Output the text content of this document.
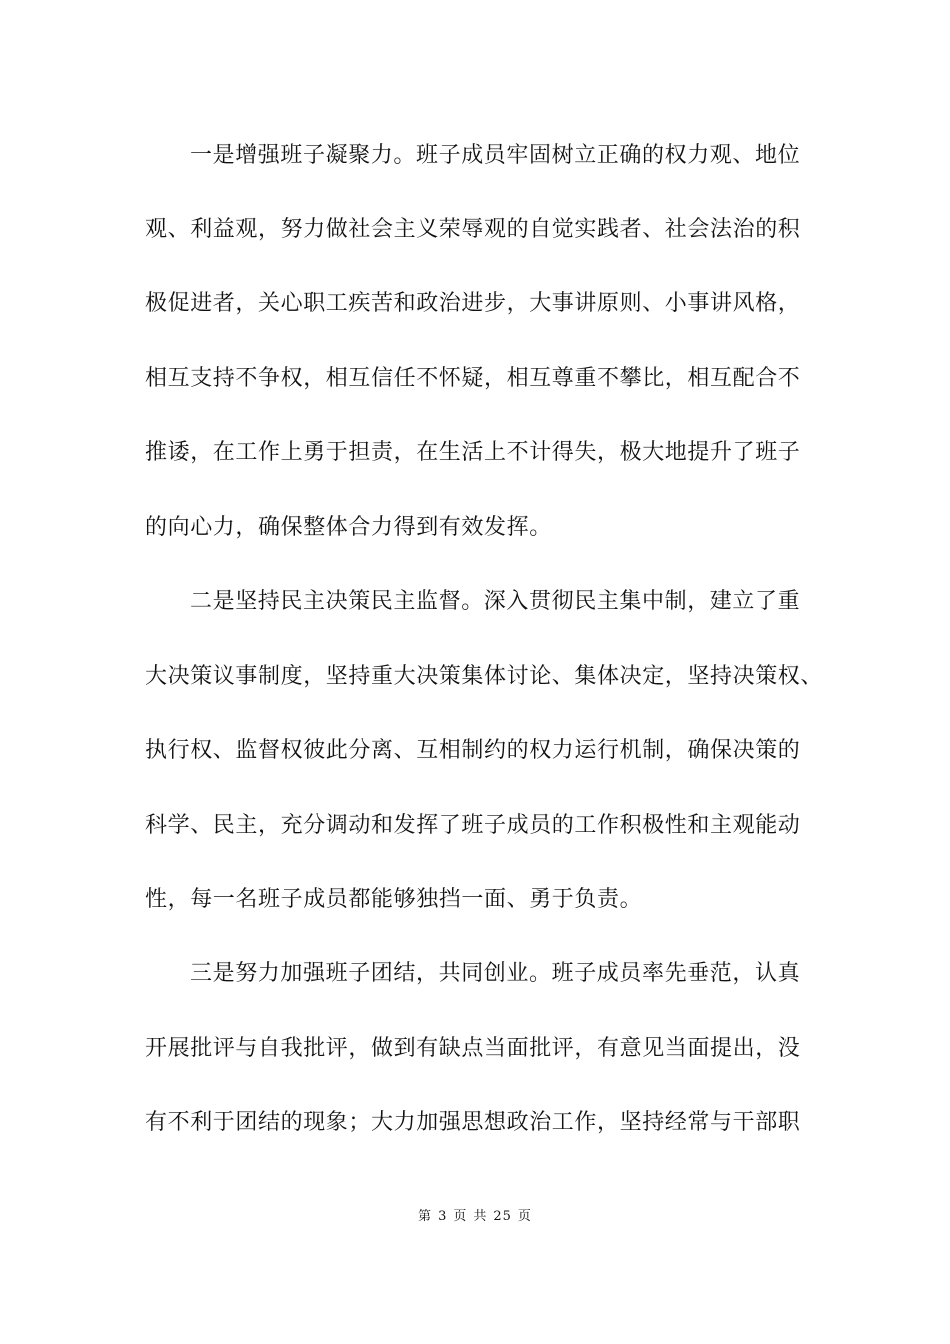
一是增强班子凝聚力。班子成员牢固树立正确的权力观、地位
观、利益观，努力做社会主义荣辱观的自觉实践者、社会法治的积
极促进者，关心职工疾苦和政治进步，大事讲原则、小事讲风格，
相互支持不争权，相互信任不怀疑，相互尊重不攀比，相互配合不
推诿，在工作上勇于担责，在生活上不计得失，极大地提升了班子
的向心力，确保整体合力得到有效发挥。
二是坚持民主决策民主监督。深入贯彻民主集中制，建立了重
大决策议事制度，坚持重大决策集体讨论、集体决定，坚持决策权、
执行权、监督权彼此分离、互相制约的权力运行机制，确保决策的
科学、民主，充分调动和发挥了班子成员的工作积极性和主观能动
性，每一名班子成员都能够独挡一面、勇于负责。
三是努力加强班子团结，共同创业。班子成员率先垂范，认真
开展批评与自我批评，做到有缺点当面批评，有意见当面提出，没
有不利于团结的现象；大力加强思想政治工作，坚持经常与干部职
第 3 页 共 25 页
